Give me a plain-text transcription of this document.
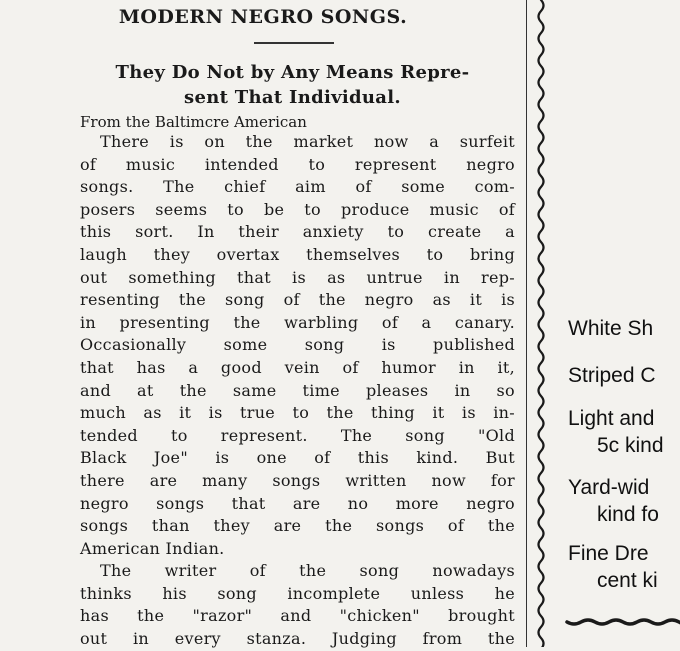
MODERN NEGRO SONGS.
They Do Not by Any Means Repre-
sent That Individual.
From the Baltimcre American
There is on the market now a surfeit
of music intended to represent negro
songs. The chief aim of some com-
posers seems to be to produce music of
this sort. In their anxiety to create a
laugh they overtax themselves to bring
out something that is as untrue in rep-
resenting the song of the negro as it is
in presenting the warbling of a canary.
Occasionally some song is published
that has a good vein of humor in it,
and at the same time pleases in so
much as it is true to the thing it is in-
tended to represent. The song "Old
Black Joe" is one of this kind. But
there are many songs written now for
negro songs that are no more negro
songs than they are the songs of the
American Indian.
The writer of the song nowadays
thinks his song incomplete unless he
has the "razor" and "chicken" brought
out in every stanza. Judging from the
White Sh
Striped C
Light and
5c kind
Yard-wid
kind fo
Fine Dre
cent ki
